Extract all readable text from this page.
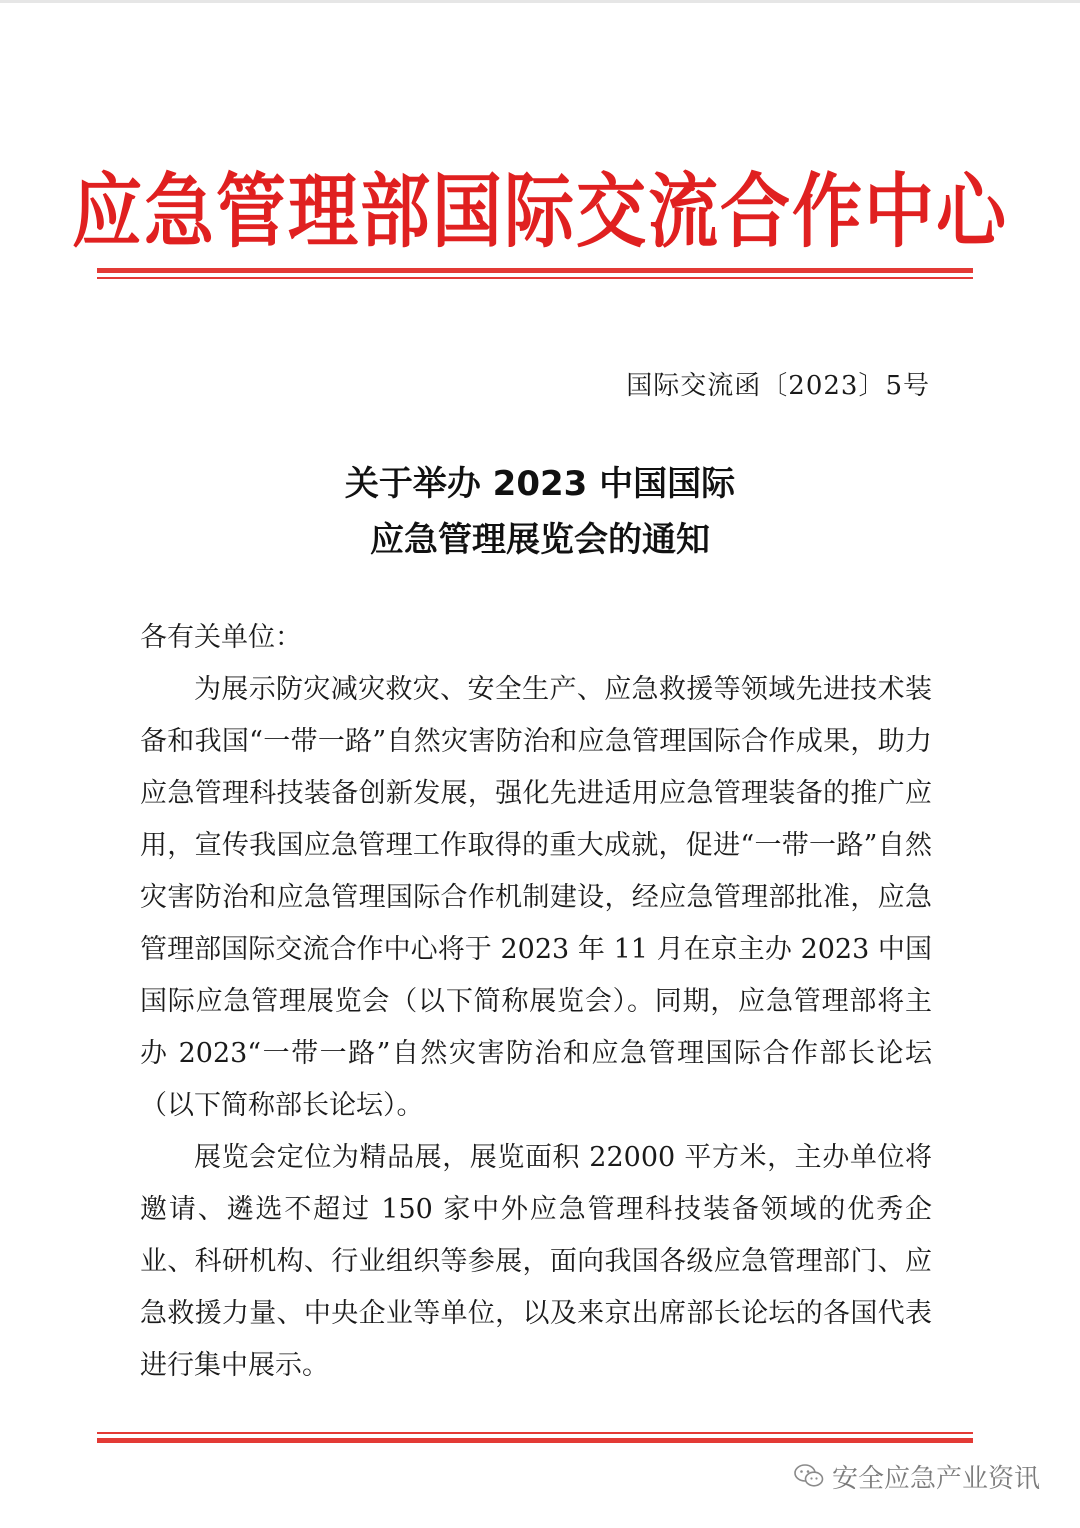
应急管理部国际交流合作中心
国际交流函〔2023〕5号
关于举办 2023 中国国际
应急管理展览会的通知
各有关单位：

为展示防灾减灾救灾、安全生产、应急救援等领域先进技术装备和我国“一带一路”自然灾害防治和应急管理国际合作成果，助力应急管理科技装备创新发展，强化先进适用应急管理装备的推广应用，宣传我国应急管理工作取得的重大成就，促进“一带一路”自然灾害防治和应急管理国际合作机制建设，经应急管理部批准，应急管理部国际交流合作中心将于 2023 年 11 月在京主办 2023 中国国际应急管理展览会（以下简称展览会）。同期，应急管理部将主办 2023“一带一路”自然灾害防治和应急管理国际合作部长论坛（以下简称部长论坛）。

展览会定位为精品展，展览面积 22000 平方米，主办单位将邀请、遴选不超过 150 家中外应急管理科技装备领域的优秀企业、科研机构、行业组织等参展，面向我国各级应急管理部门、应急救援力量、中央企业等单位，以及来京出席部长论坛的各国代表进行集中展示。

安全应急产业资讯
